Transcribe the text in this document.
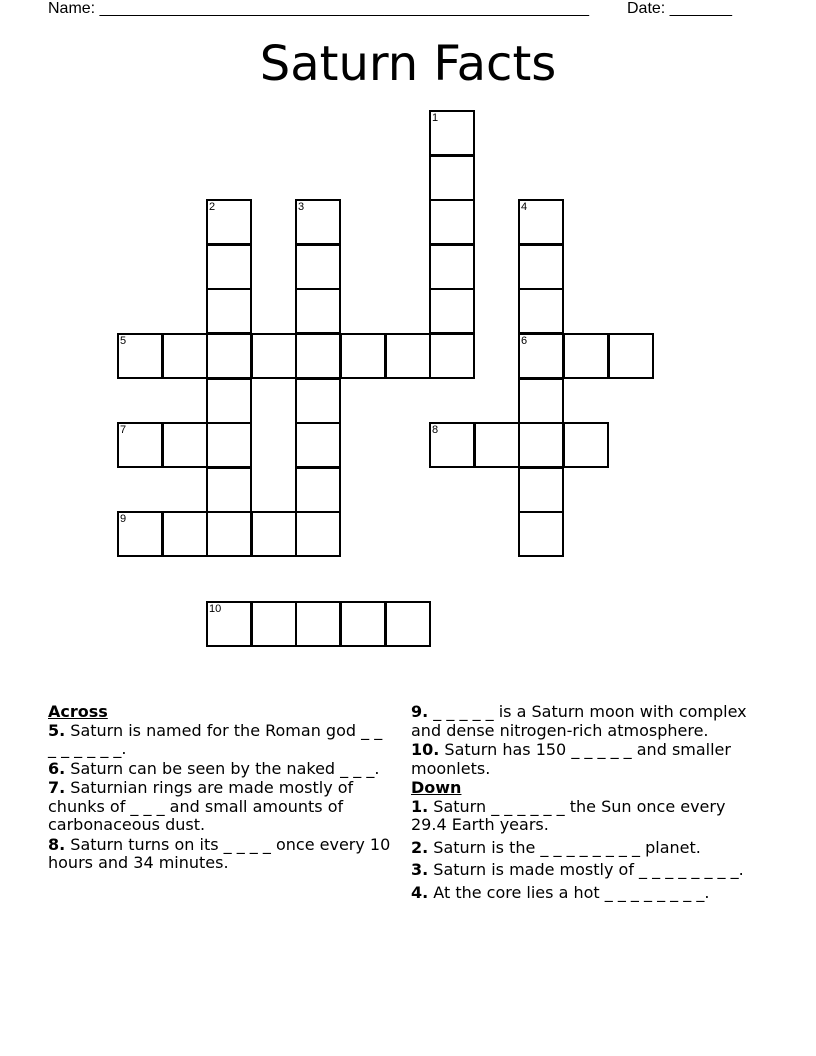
Name: _______________________________________________________ Date: _______
Saturn Facts
1
2	3	4
6
5
7	8
9
10

Across

5. Saturn is named for the Roman god _ _ _ _ _ _ _ _.

6. Saturn can be seen by the naked _ _ _.

7. Saturnian rings are made mostly of chunks of _ _ _ and small amounts of carbonaceous dust.

8. Saturn turns on its _ _ _ _ once every 10 hours and 34 minutes.

9. _ _ _ _ _ is a Saturn moon with complex and dense nitrogen-rich atmosphere.

10. Saturn has 150 _ _ _ _ _ and smaller moonlets.

Down

1. Saturn _ _ _ _ _ _ the Sun once every 29.4 Earth years.

2. Saturn is the _ _ _ _ _ _ _ _ planet.

3. Saturn is made mostly of _ _ _ _ _ _ _ _.

4. At the core lies a hot _ _ _ _ _ _ _ _.
